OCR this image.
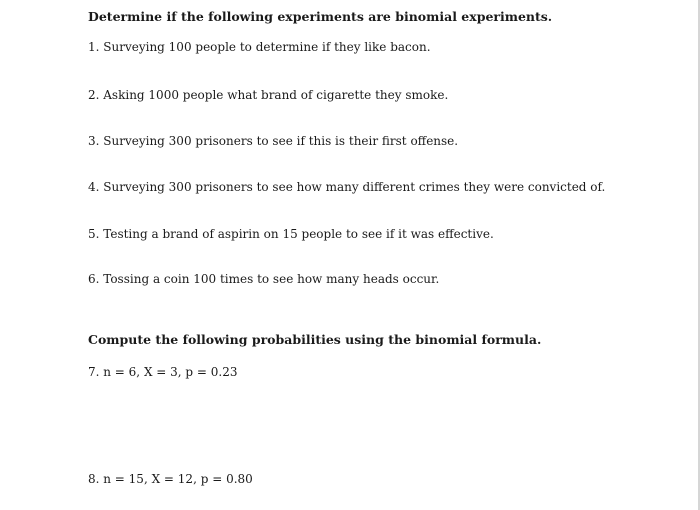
Determine if the following experiments are binomial experiments.
1. Surveying 100 people to determine if they like bacon.
2. Asking 1000 people what brand of cigarette they smoke.
3. Surveying 300 prisoners to see if this is their first offense.
4. Surveying 300 prisoners to see how many different crimes they were convicted of.
5. Testing a brand of aspirin on 15 people to see if it was effective.
6. Tossing a coin 100 times to see how many heads occur.
Compute the following probabilities using the binomial formula.
7. n = 6, X = 3, p = 0.23
8. n = 15, X = 12, p = 0.80
